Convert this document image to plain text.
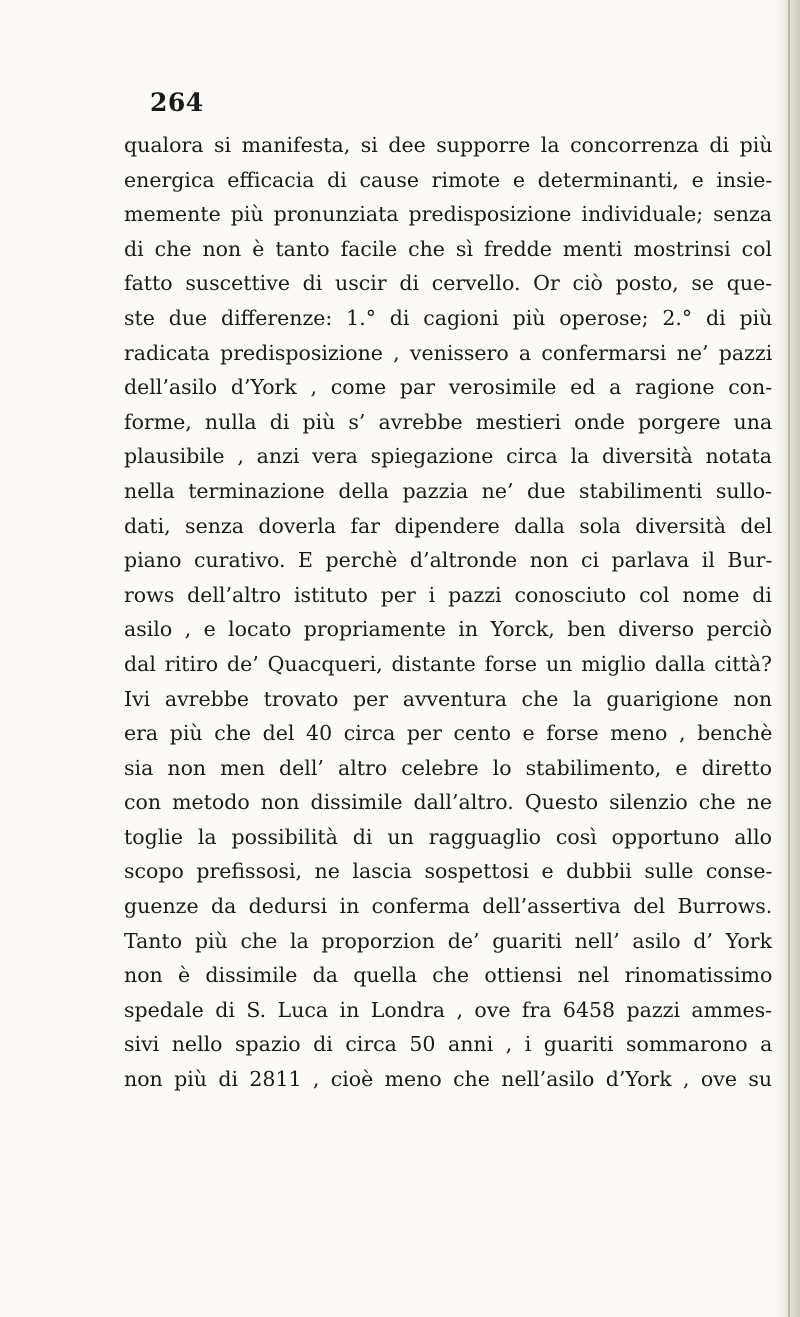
264
qualora si manifesta, si dee supporre la concorrenza di più
energica efficacia di cause rimote e determinanti, e insie-
memente più pronunziata predisposizione individuale; senza
di che non è tanto facile che sì fredde menti mostrinsi col
fatto suscettive di uscir di cervello. Or ciò posto, se que-
ste due differenze: 1.° di cagioni più operose; 2.° di più
radicata predisposizione , venissero a confermarsi ne’ pazzi
dell’asilo d’York , come par verosimile ed a ragione con-
forme, nulla di più s’ avrebbe mestieri onde porgere una
plausibile , anzi vera spiegazione circa la diversità notata
nella terminazione della pazzia ne’ due stabilimenti sullo-
dati, senza doverla far dipendere dalla sola diversità del
piano curativo. E perchè d’altronde non ci parlava il Bur-
rows dell’altro istituto per i pazzi conosciuto col nome di
asilo , e locato propriamente in Yorck, ben diverso perciò
dal ritiro de’ Quacqueri, distante forse un miglio dalla città?
Ivi avrebbe trovato per avventura che la guarigione non
era più che del 40 circa per cento e forse meno , benchè
sia non men dell’ altro celebre lo stabilimento, e diretto
con metodo non dissimile dall’altro. Questo silenzio che ne
toglie la possibilità di un ragguaglio così opportuno allo
scopo prefissosi, ne lascia sospettosi e dubbii sulle conse-
guenze da dedursi in conferma dell’assertiva del Burrows.
Tanto più che la proporzion de’ guariti nell’ asilo d’ York
non è dissimile da quella che ottiensi nel rinomatissimo
spedale di S. Luca in Londra , ove fra 6458 pazzi ammes-
sivi nello spazio di circa 50 anni , i guariti sommarono a
non più di 2811 , cioè meno che nell’asilo d’York , ove su
